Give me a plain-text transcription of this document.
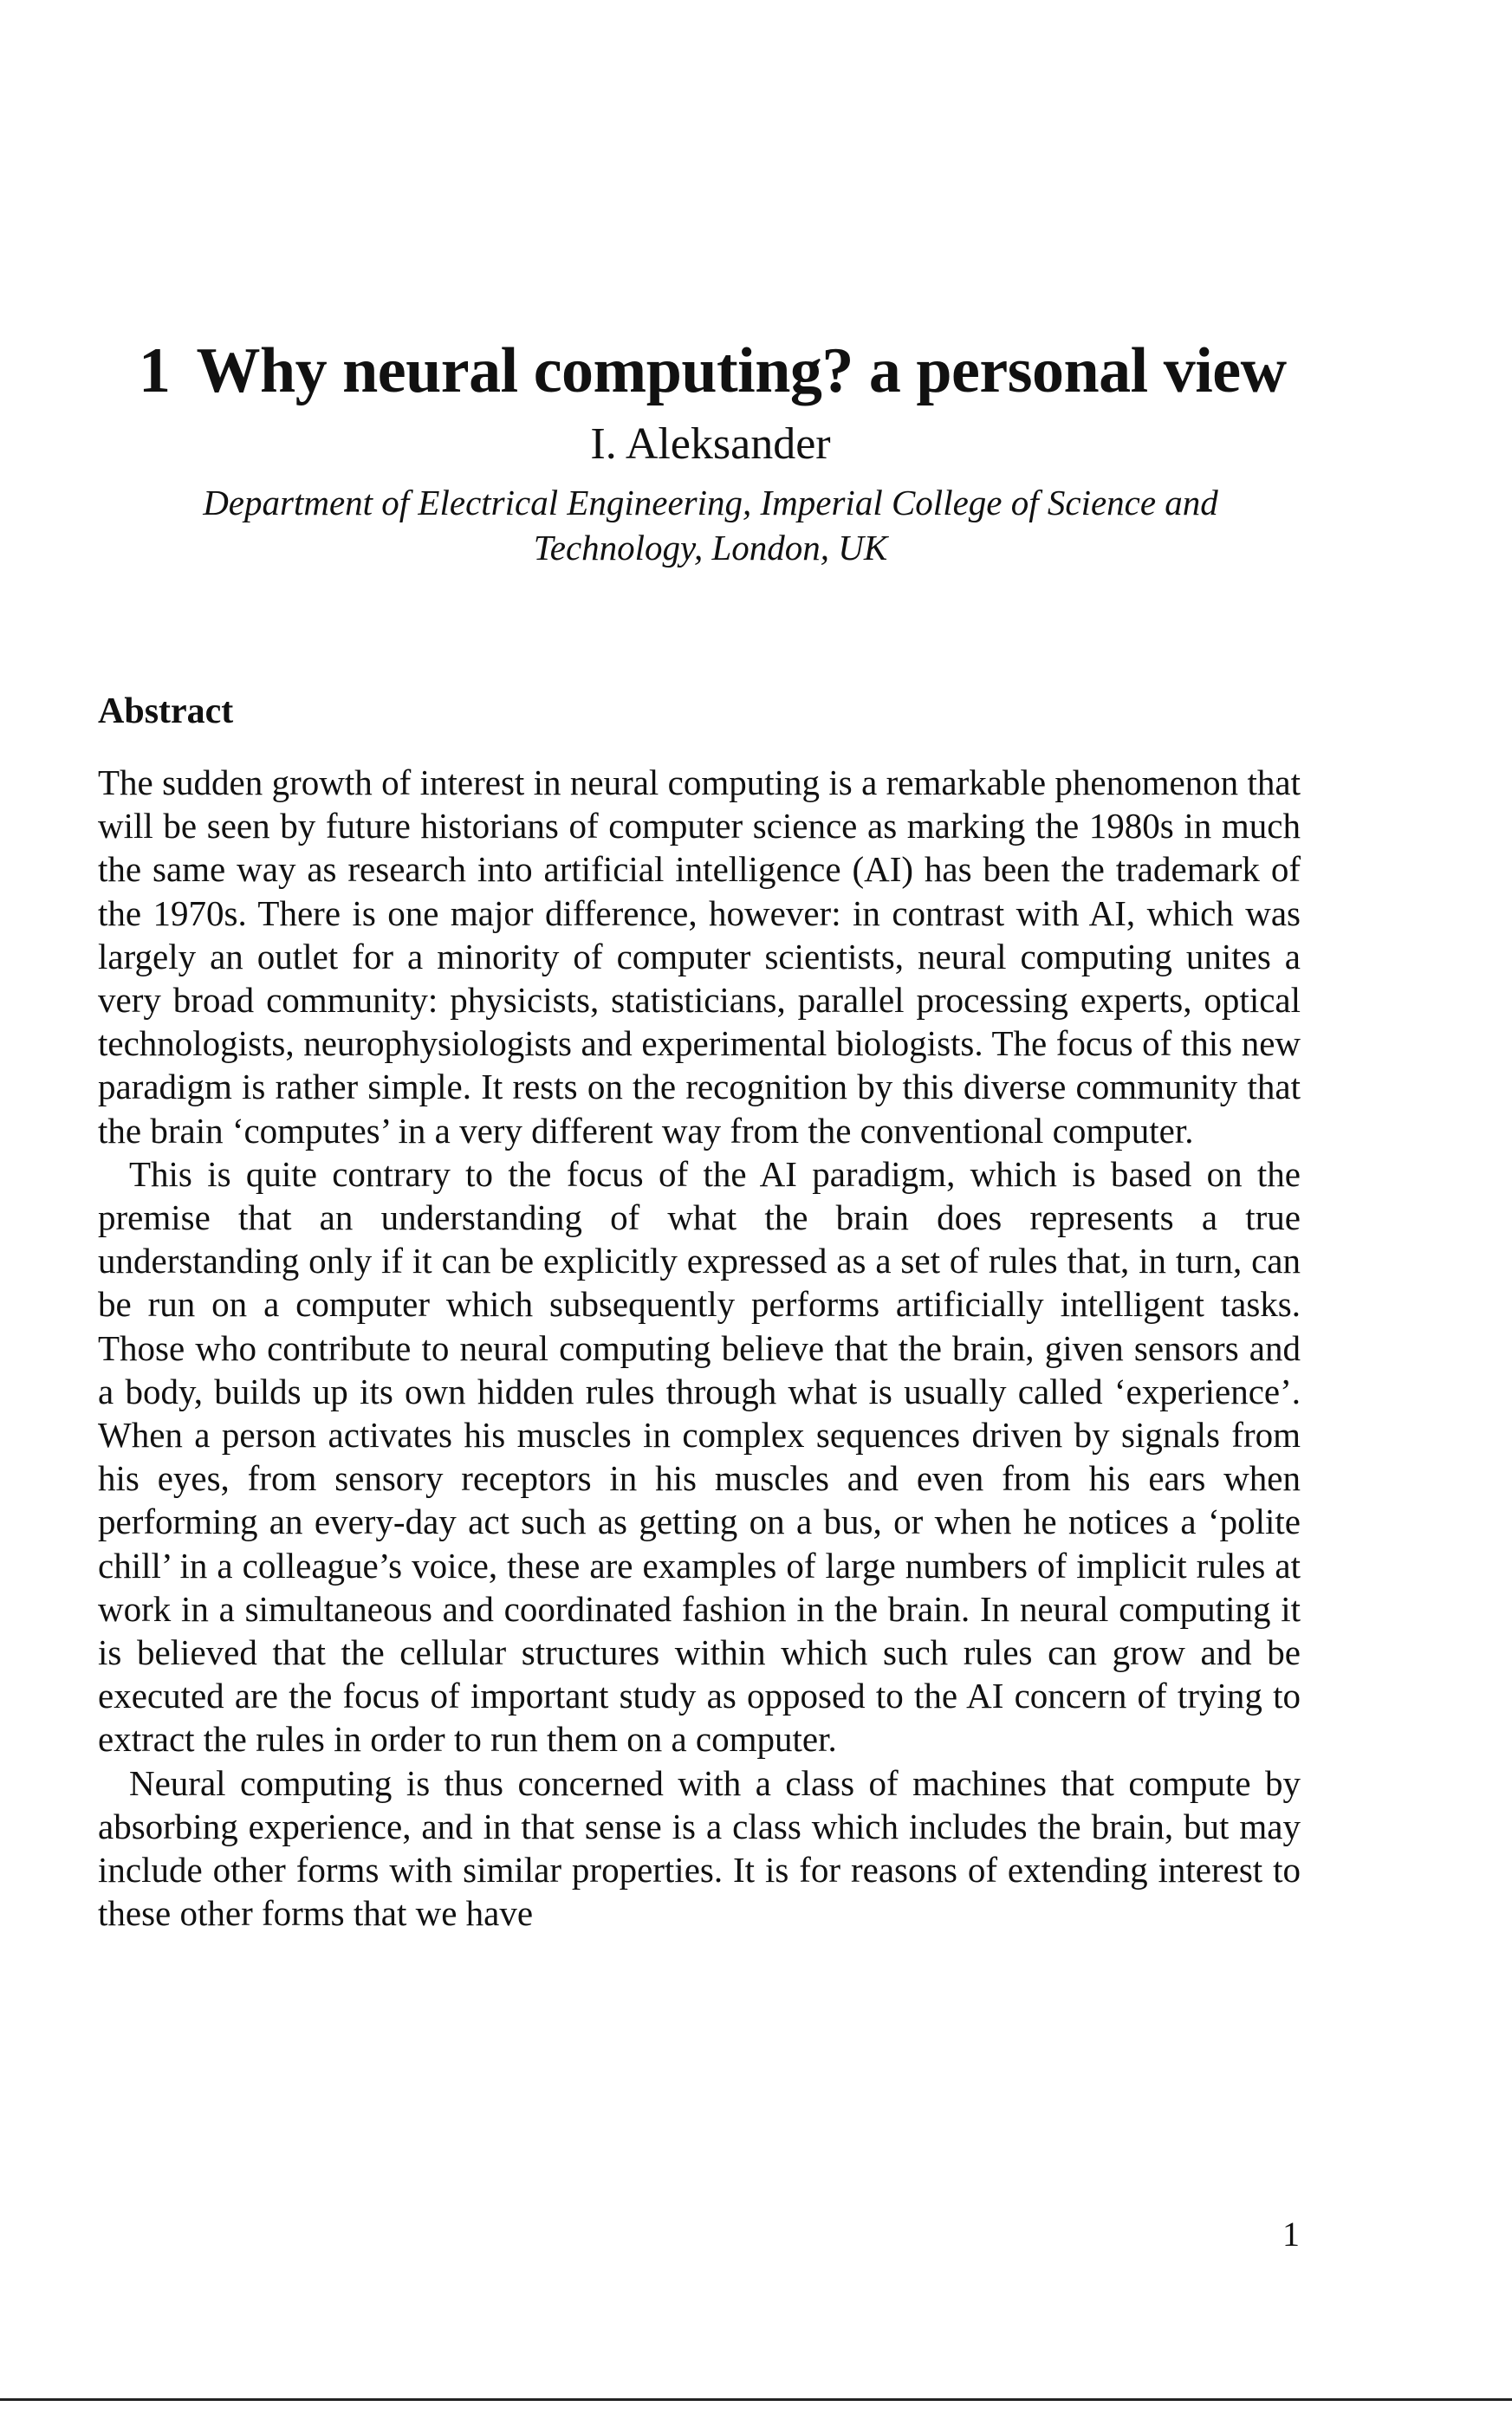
1 Why neural computing? a personal view
I. Aleksander
Department of Electrical Engineering, Imperial College of Science and Technology, London, UK
Abstract

The sudden growth of interest in neural computing is a remarkable phenomenon that will be seen by future historians of computer science as marking the 1980s in much the same way as research into artificial intelligence (AI) has been the trademark of the 1970s. There is one major difference, however: in contrast with AI, which was largely an outlet for a minority of computer scientists, neural computing unites a very broad community: physicists, statisticians, parallel processing experts, optical technologists, neurophysiologists and experimental biologists. The focus of this new paradigm is rather simple. It rests on the recognition by this diverse community that the brain ‘computes’ in a very different way from the conventional computer.

This is quite contrary to the focus of the AI paradigm, which is based on the premise that an understanding of what the brain does represents a true understanding only if it can be explicitly expressed as a set of rules that, in turn, can be run on a computer which subsequently performs artificially intelligent tasks. Those who contribute to neural computing believe that the brain, given sensors and a body, builds up its own hidden rules through what is usually called ‘experience’. When a person activates his muscles in complex sequences driven by signals from his eyes, from sensory receptors in his muscles and even from his ears when performing an every-day act such as getting on a bus, or when he notices a ‘polite chill’ in a colleague’s voice, these are examples of large numbers of implicit rules at work in a simultaneous and coordinated fashion in the brain. In neural computing it is believed that the cellular structures within which such rules can grow and be executed are the focus of important study as opposed to the AI concern of trying to extract the rules in order to run them on a computer.

Neural computing is thus concerned with a class of machines that compute by absorbing experience, and in that sense is a class which includes the brain, but may include other forms with similar properties. It is for reasons of extending interest to these other forms that we have

1
